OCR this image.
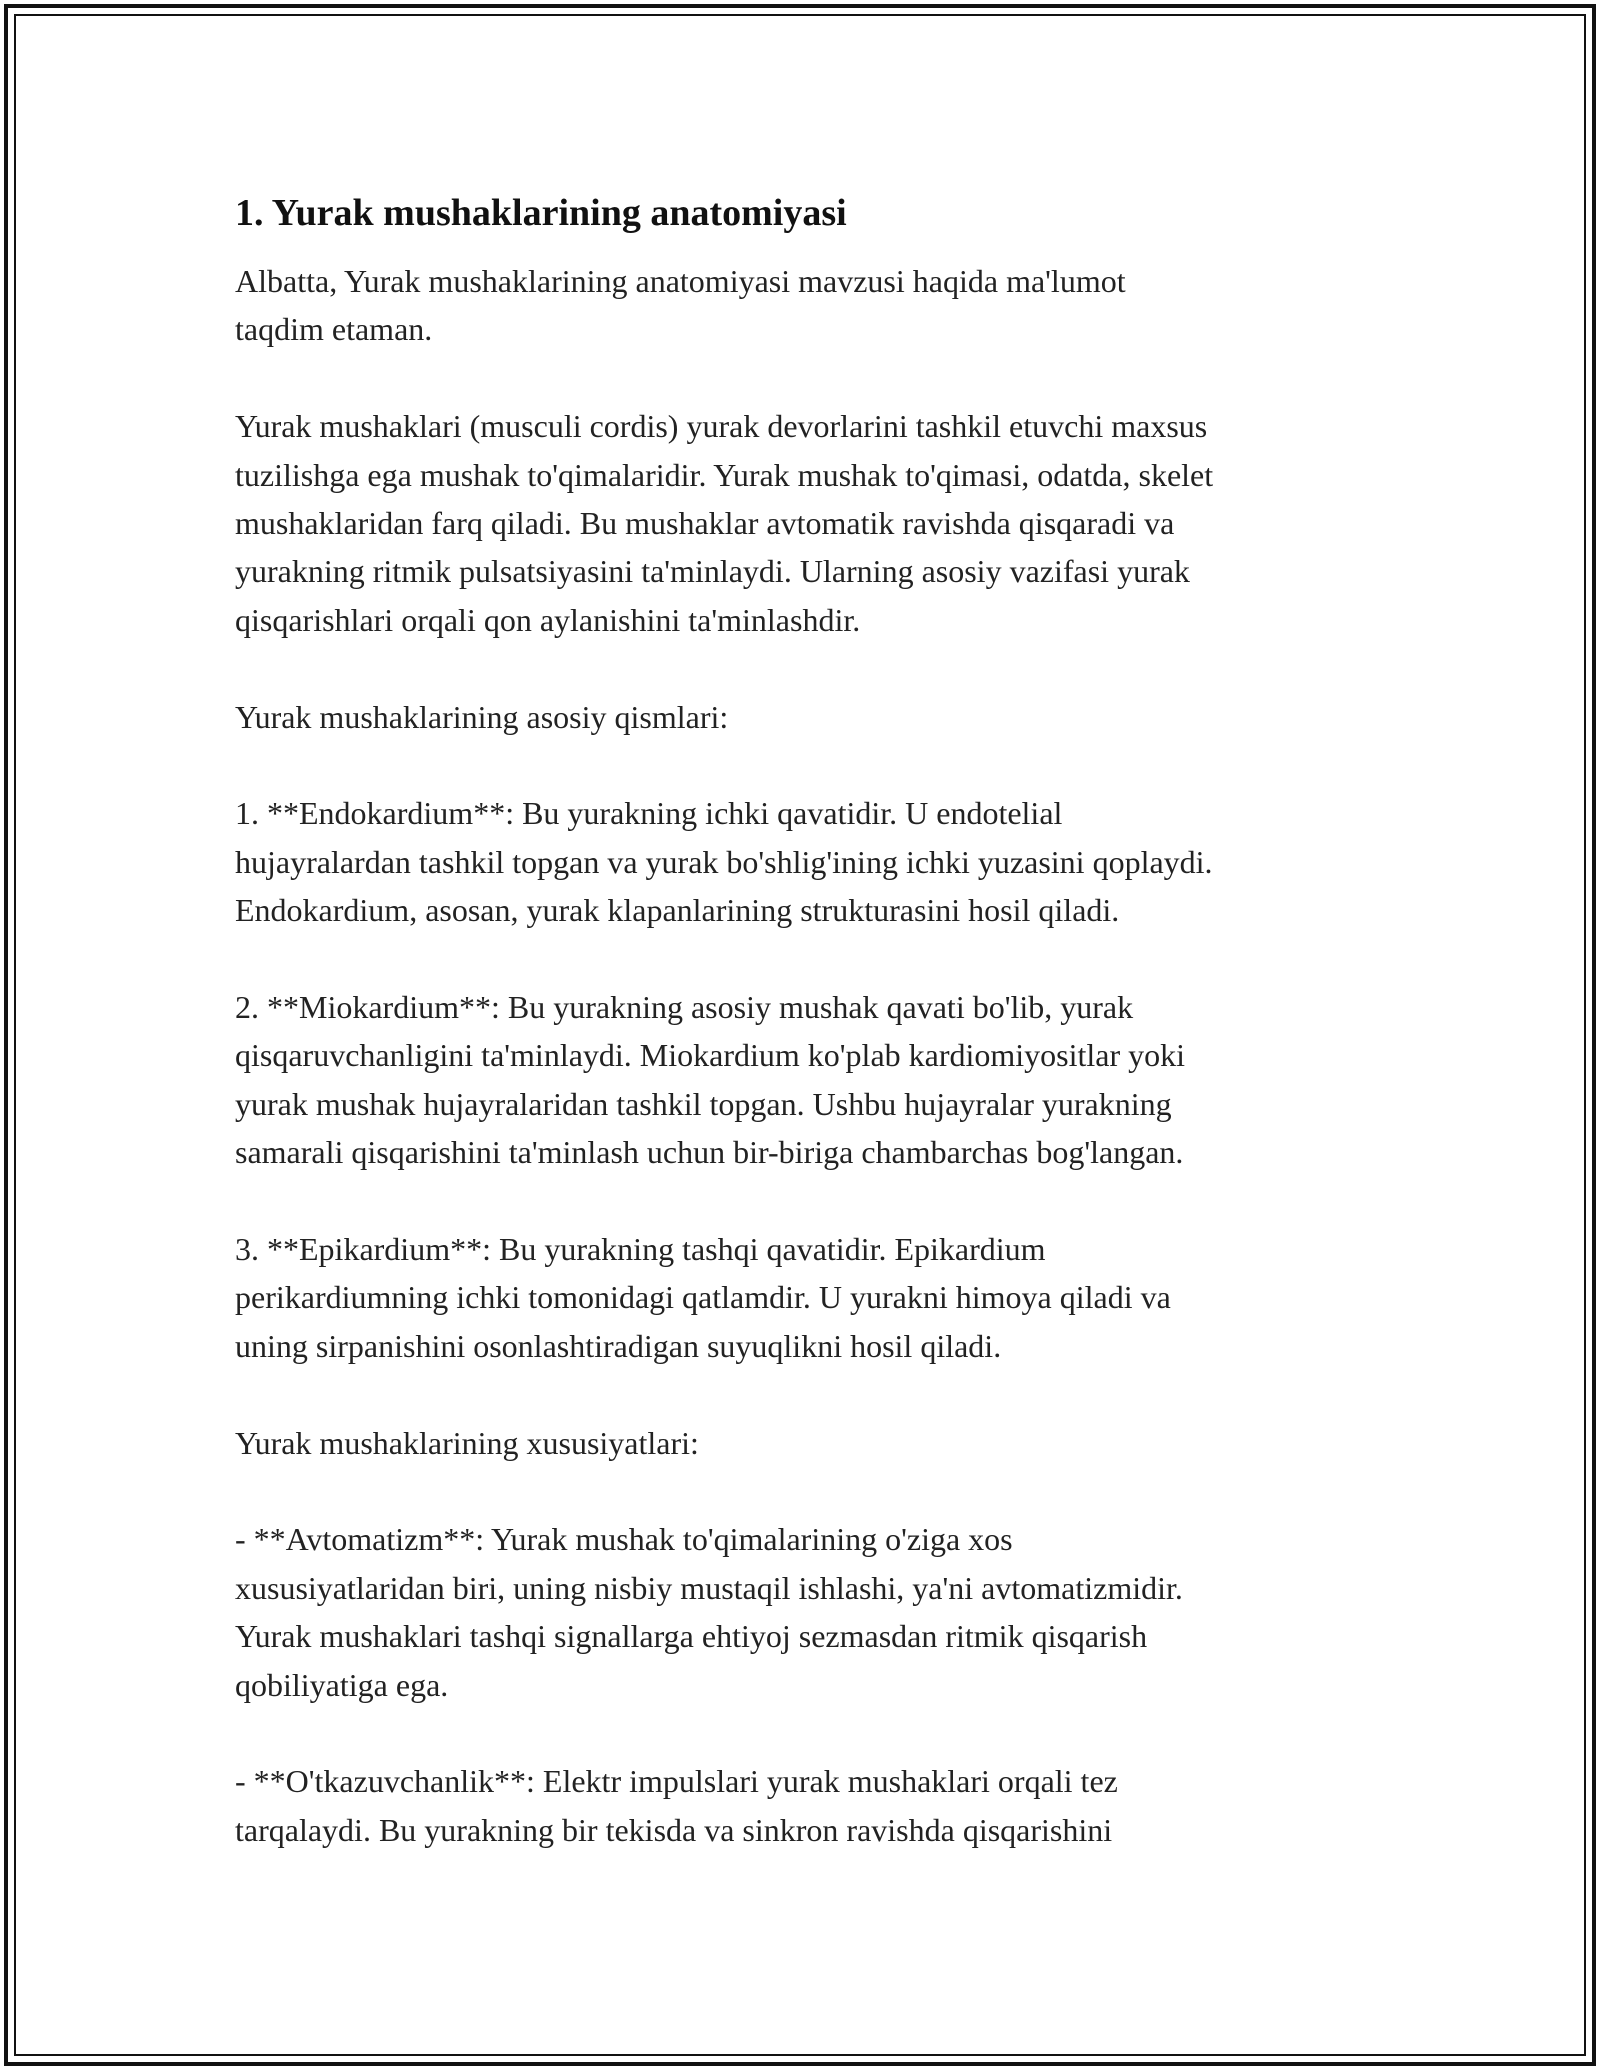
1. Yurak mushaklarining anatomiyasi

Albatta, Yurak mushaklarining anatomiyasi mavzusi haqida ma'lumot
taqdim etaman.

Yurak mushaklari (musculi cordis) yurak devorlarini tashkil etuvchi maxsus
tuzilishga ega mushak to'qimalaridir. Yurak mushak to'qimasi, odatda, skelet
mushaklaridan farq qiladi. Bu mushaklar avtomatik ravishda qisqaradi va
yurakning ritmik pulsatsiyasini ta'minlaydi. Ularning asosiy vazifasi yurak
qisqarishlari orqali qon aylanishini ta'minlashdir.

Yurak mushaklarining asosiy qismlari:

1. **Endokardium**: Bu yurakning ichki qavatidir. U endotelial
hujayralardan tashkil topgan va yurak bo'shlig'ining ichki yuzasini qoplaydi.
Endokardium, asosan, yurak klapanlarining strukturasini hosil qiladi.

2. **Miokardium**: Bu yurakning asosiy mushak qavati bo'lib, yurak
qisqaruvchanligini ta'minlaydi. Miokardium ko'plab kardiomiyositlar yoki
yurak mushak hujayralaridan tashkil topgan. Ushbu hujayralar yurakning
samarali qisqarishini ta'minlash uchun bir-biriga chambarchas bog'langan.

3. **Epikardium**: Bu yurakning tashqi qavatidir. Epikardium
perikardiumning ichki tomonidagi qatlamdir. U yurakni himoya qiladi va
uning sirpanishini osonlashtiradigan suyuqlikni hosil qiladi.

Yurak mushaklarining xususiyatlari:

- **Avtomatizm**: Yurak mushak to'qimalarining o'ziga xos
xususiyatlaridan biri, uning nisbiy mustaqil ishlashi, ya'ni avtomatizmidir.
Yurak mushaklari tashqi signallarga ehtiyoj sezmasdan ritmik qisqarish
qobiliyatiga ega.

- **O'tkazuvchanlik**: Elektr impulslari yurak mushaklari orqali tez
tarqalaydi. Bu yurakning bir tekisda va sinkron ravishda qisqarishini
